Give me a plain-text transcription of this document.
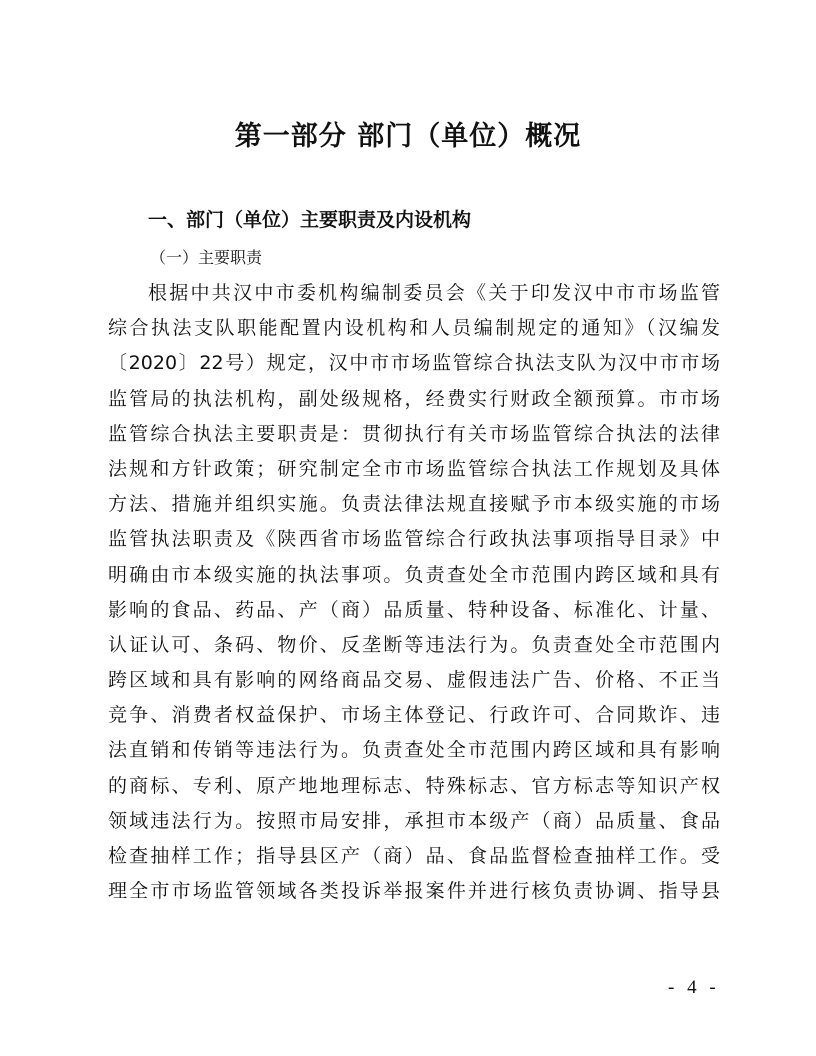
第一部分 部门（单位）概况
一、部门（单位）主要职责及内设机构
（一）主要职责
根据中共汉中市委机构编制委员会《关于印发汉中市市场监管
综合执法支队职能配置内设机构和人员编制规定的通知》（汉编发
〔2020〕22号）规定，汉中市市场监管综合执法支队为汉中市市场
监管局的执法机构，副处级规格，经费实行财政全额预算。市市场
监管综合执法主要职责是：贯彻执行有关市场监管综合执法的法律
法规和方针政策；研究制定全市市场监管综合执法工作规划及具体
方法、措施并组织实施。负责法律法规直接赋予市本级实施的市场
监管执法职责及《陕西省市场监管综合行政执法事项指导目录》中
明确由市本级实施的执法事项。负责查处全市范围内跨区域和具有
影响的食品、药品、产（商）品质量、特种设备、标准化、计量、
认证认可、条码、物价、反垄断等违法行为。负责查处全市范围内
跨区域和具有影响的网络商品交易、虚假违法广告、价格、不正当
竞争、消费者权益保护、市场主体登记、行政许可、合同欺诈、违
法直销和传销等违法行为。负责查处全市范围内跨区域和具有影响
的商标、专利、原产地地理标志、特殊标志、官方标志等知识产权
领域违法行为。按照市局安排，承担市本级产（商）品质量、食品
检查抽样工作；指导县区产（商）品、食品监督检查抽样工作。受
理全市市场监管领域各类投诉举报案件并进行核负责协调、指导县
- 4 -
